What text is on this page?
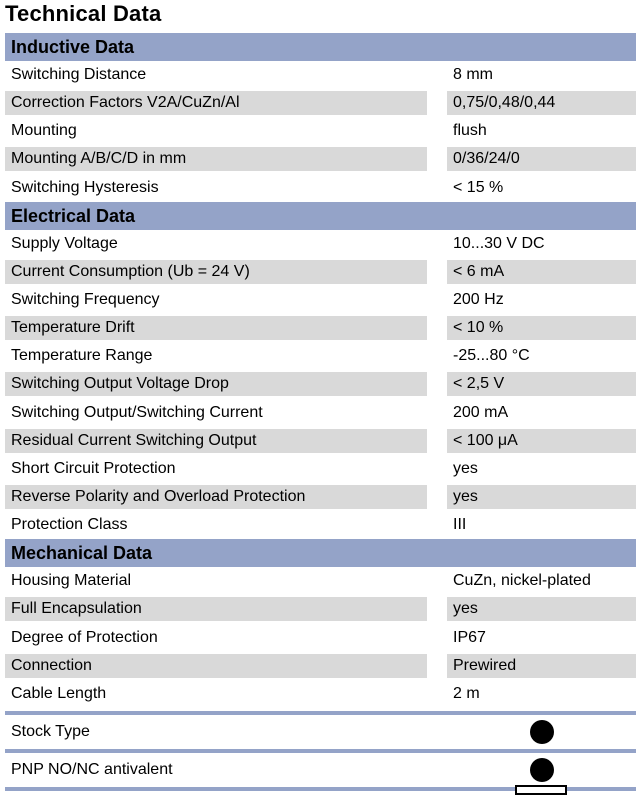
Technical Data
Inductive Data
Switching Distance	8 mm
Correction Factors V2A/CuZn/Al	0,75/0,48/0,44
Mounting	flush
Mounting A/B/C/D in mm	0/36/24/0
Switching Hysteresis	< 15 %
Electrical Data
Supply Voltage	10...30 V DC
Current Consumption (Ub = 24 V)	< 6 mA
Switching Frequency	200 Hz
Temperature Drift	< 10 %
Temperature Range	-25...80 °C
Switching Output Voltage Drop	< 2,5 V
Switching Output/Switching Current	200 mA
Residual Current Switching Output	< 100 μA
Short Circuit Protection	yes
Reverse Polarity and Overload Protection	yes
Protection Class	III
Mechanical Data
Housing Material	CuZn, nickel-plated
Full Encapsulation	yes
Degree of Protection	IP67
Connection	Prewired
Cable Length	2 m
Stock Type
PNP NO/NC antivalent
